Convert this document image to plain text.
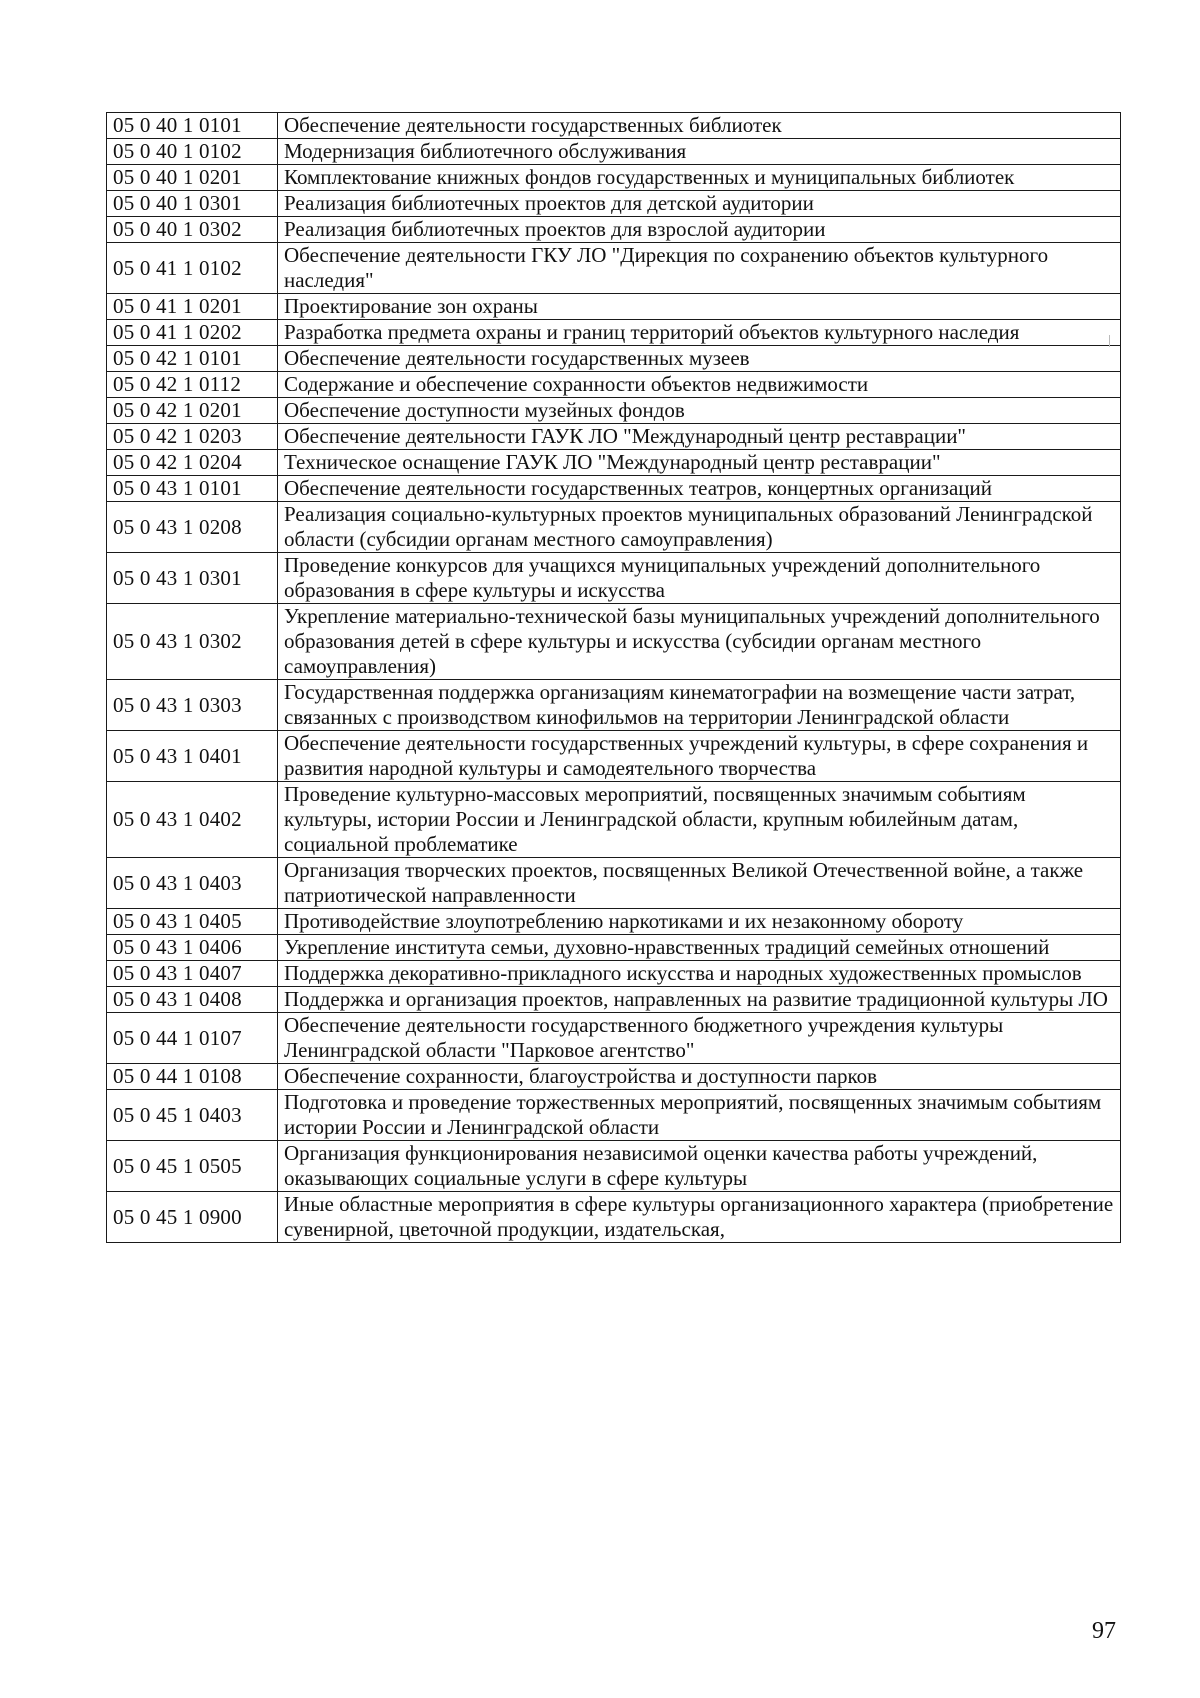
05 0 40 1 0101	Обеспечение деятельности государственных библиотек
05 0 40 1 0102	Модернизация библиотечного обслуживания
05 0 40 1 0201	Комплектование книжных фондов государственных и муниципальных библиотек
05 0 40 1 0301	Реализация библиотечных проектов для детской аудитории
05 0 40 1 0302	Реализация библиотечных проектов для взрослой аудитории
05 0 41 1 0102	Обеспечение деятельности ГКУ ЛО "Дирекция по сохранению объектов культурного наследия"
05 0 41 1 0201	Проектирование зон охраны
05 0 41 1 0202	Разработка предмета охраны и границ территорий объектов культурного наследия
05 0 42 1 0101	Обеспечение деятельности государственных музеев
05 0 42 1 0112	Содержание и обеспечение сохранности объектов недвижимости
05 0 42 1 0201	Обеспечение доступности музейных фондов
05 0 42 1 0203	Обеспечение деятельности ГАУК ЛО "Международный центр реставрации"
05 0 42 1 0204	Техническое оснащение ГАУК ЛО "Международный центр реставрации"
05 0 43 1 0101	Обеспечение деятельности государственных театров, концертных организаций
05 0 43 1 0208	Реализация социально-культурных проектов муниципальных образований Ленинградской области (субсидии органам местного самоуправления)
05 0 43 1 0301	Проведение конкурсов для учащихся муниципальных учреждений дополнительного образования в сфере культуры и искусства
05 0 43 1 0302	Укрепление материально-технической базы муниципальных учреждений дополнительного образования детей в сфере культуры и искусства (субсидии органам местного самоуправления)
05 0 43 1 0303	Государственная поддержка организациям кинематографии на возмещение части затрат, связанных с производством кинофильмов на территории Ленинградской области
05 0 43 1 0401	Обеспечение деятельности государственных учреждений культуры, в сфере сохранения и развития народной культуры и самодеятельного творчества
05 0 43 1 0402	Проведение культурно-массовых мероприятий, посвященных значимым событиям культуры, истории России и Ленинградской области, крупным юбилейным датам, социальной проблематике
05 0 43 1 0403	Организация творческих проектов, посвященных Великой Отечественной войне, а также патриотической направленности
05 0 43 1 0405	Противодействие злоупотреблению наркотиками и их незаконному обороту
05 0 43 1 0406	Укрепление института семьи, духовно-нравственных традиций семейных отношений
05 0 43 1 0407	Поддержка декоративно-прикладного искусства и народных художественных промыслов
05 0 43 1 0408	Поддержка и организация проектов, направленных на развитие традиционной культуры ЛО
05 0 44 1 0107	Обеспечение деятельности государственного бюджетного учреждения культуры Ленинградской области "Парковое агентство"
05 0 44 1 0108	Обеспечение сохранности, благоустройства и доступности парков
05 0 45 1 0403	Подготовка и проведение торжественных мероприятий, посвященных значимым событиям истории России и Ленинградской области
05 0 45 1 0505	Организация функционирования независимой оценки качества работы учреждений, оказывающих социальные услуги в сфере культуры
05 0 45 1 0900	Иные областные мероприятия в сфере культуры организационного характера (приобретение сувенирной, цветочной продукции, издательская,
97
